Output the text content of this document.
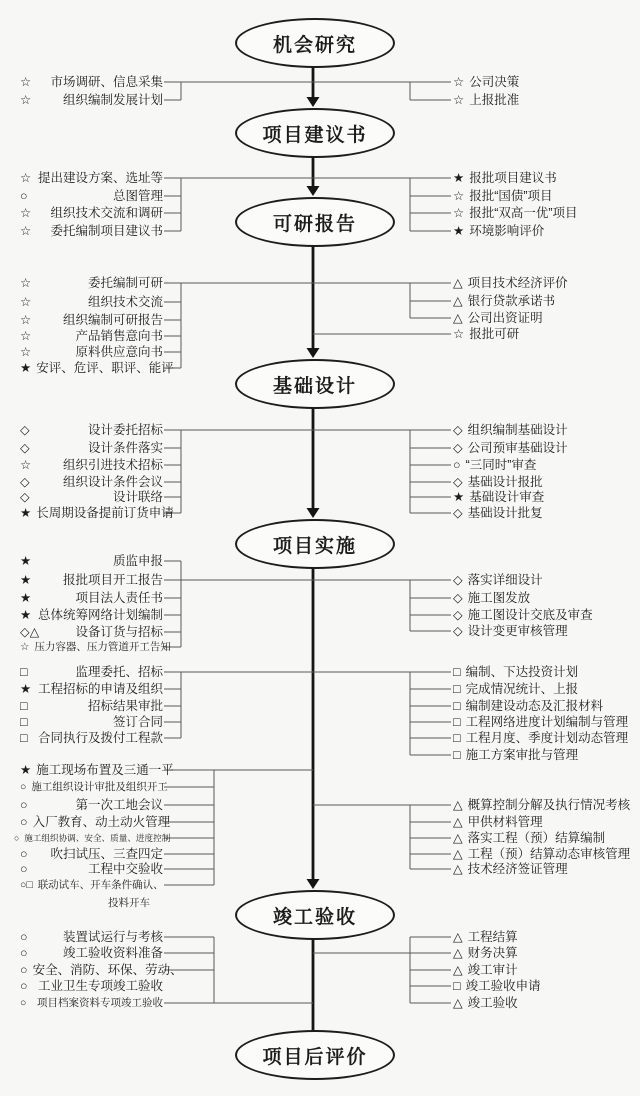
机会研究
项目建议书
可研报告
基础设计
项目实施
竣工验收
项目后评价
☆ 市场调研、信息采集
☆	组织编制发展计划
☆ 公司决策
☆ 上报批准
☆ 提出建设方案、选址等
○	总图管理
☆ 组织技术交流和调研
☆ 委托编制项目建议书
★ 报批项目建议书
☆ 报批“国债”项目
☆ 报批“双高一优”项目
★ 环境影响评价
☆	委托编制可研
☆	组织技术交流
☆	组织编制可研报告
☆	产品销售意向书
☆	原料供应意向书
★ 安评、危评、职评、能评
△ 项目技术经济评价
△ 银行贷款承诺书
△ 公司出资证明
☆ 报批可研
◇	设计委托招标
◇	设计条件落实
☆	组织引进技术招标
◇	组织设计条件会议
◇	设计联络
★ 长周期设备提前订货申请
◇ 组织编制基础设计
◇ 公司预审基础设计
○ “三同时”审查
◇ 基础设计报批
★ 基础设计审查
◇ 基础设计批复
★	质监申报
★	报批项目开工报告
★	项目法人责任书
★ 总体统筹网络计划编制
◇△	设备订货与招标
☆ 压力容器、压力管道开工告知
◇ 落实详细设计
◇ 施工图发放
◇ 施工图设计交底及审查
◇ 设计变更审核管理
□	监理委托、招标
★ 工程招标的申请及组织
□	招标结果审批
□	签订合同
□ 合同执行及拨付工程款
□ 编制、下达投资计划
□ 完成情况统计、上报
□ 编制建设动态及汇报材料
□ 工程网络进度计划编制与管理
□ 工程月度、季度计划动态管理
□ 施工方案审批与管理
★ 施工现场布置及三通一平
○ 施工组织设计审批及组织开工
○	第一次工地会议
○ 入厂教育、动土动火管理
○ 施工组织协调、安全、质量、进度控制
○ 吹扫试压、三查四定
○	工程中交验收
○□ 联动试车、开车条件确认、
投料开车
△ 概算控制分解及执行情况考核
△ 甲供材料管理
△ 落实工程（预）结算编制
△ 工程（预）结算动态审核管理
△ 技术经济签证管理
○	装置试运行与考核
○	竣工验收资料准备
○ 安全、消防、环保、劳动、
○ 工业卫生专项竣工验收
○ 项目档案资料专项竣工验收
△ 工程结算
△ 财务决算
△ 竣工审计
□ 竣工验收申请
△ 竣工验收
